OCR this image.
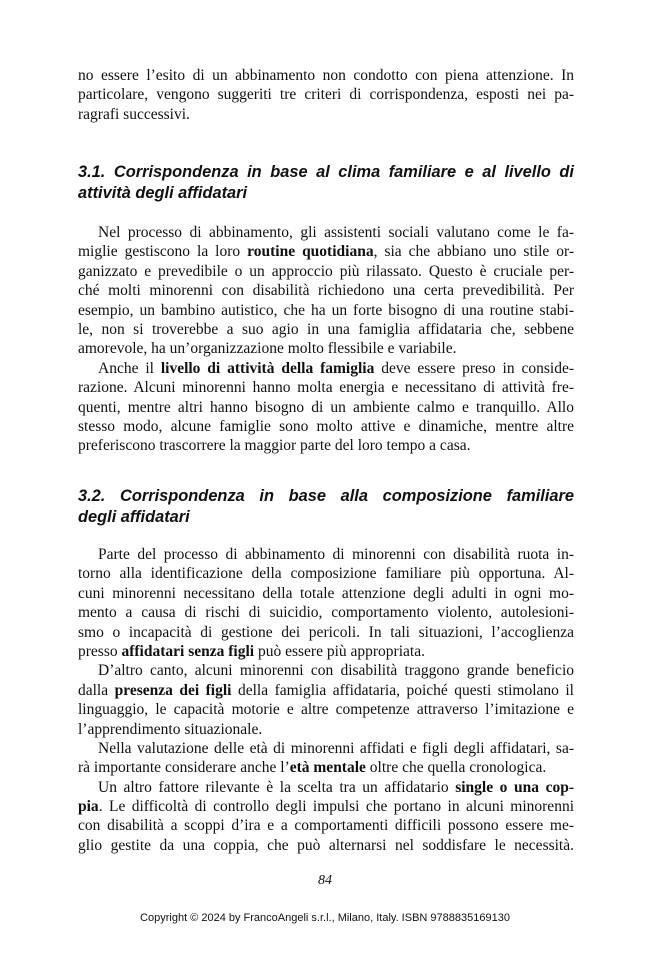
no essere l’esito di un abbinamento non condotto con piena attenzione. In
particolare, vengono suggeriti tre criteri di corrispondenza, esposti nei pa-
ragrafi successivi.
3.1. Corrispondenza in base al clima familiare e al livello di
attività degli affidatari
Nel processo di abbinamento, gli assistenti sociali valutano come le fa-
miglie gestiscono la loro routine quotidiana, sia che abbiano uno stile or-
ganizzato e prevedibile o un approccio più rilassato. Questo è cruciale per-
ché molti minorenni con disabilità richiedono una certa prevedibilità. Per
esempio, un bambino autistico, che ha un forte bisogno di una routine stabi-
le, non si troverebbe a suo agio in una famiglia affidataria che, sebbene
amorevole, ha un’organizzazione molto flessibile e variabile.
Anche il livello di attività della famiglia deve essere preso in conside-
razione. Alcuni minorenni hanno molta energia e necessitano di attività fre-
quenti, mentre altri hanno bisogno di un ambiente calmo e tranquillo. Allo
stesso modo, alcune famiglie sono molto attive e dinamiche, mentre altre
preferiscono trascorrere la maggior parte del loro tempo a casa.
3.2. Corrispondenza in base alla composizione familiare
degli affidatari
Parte del processo di abbinamento di minorenni con disabilità ruota in-
torno alla identificazione della composizione familiare più opportuna. Al-
cuni minorenni necessitano della totale attenzione degli adulti in ogni mo-
mento a causa di rischi di suicidio, comportamento violento, autolesioni-
smo o incapacità di gestione dei pericoli. In tali situazioni, l’accoglienza
presso affidatari senza figli può essere più appropriata.
D’altro canto, alcuni minorenni con disabilità traggono grande beneficio
dalla presenza dei figli della famiglia affidataria, poiché questi stimolano il
linguaggio, le capacità motorie e altre competenze attraverso l’imitazione e
l’apprendimento situazionale.
Nella valutazione delle età di minorenni affidati e figli degli affidatari, sa-
rà importante considerare anche l’età mentale oltre che quella cronologica.
Un altro fattore rilevante è la scelta tra un affidatario single o una cop-
pia. Le difficoltà di controllo degli impulsi che portano in alcuni minorenni
con disabilità a scoppi d’ira e a comportamenti difficili possono essere me-
glio gestite da una coppia, che può alternarsi nel soddisfare le necessità.
84
Copyright © 2024 by FrancoAngeli s.r.l., Milano, Italy. ISBN 9788835169130
